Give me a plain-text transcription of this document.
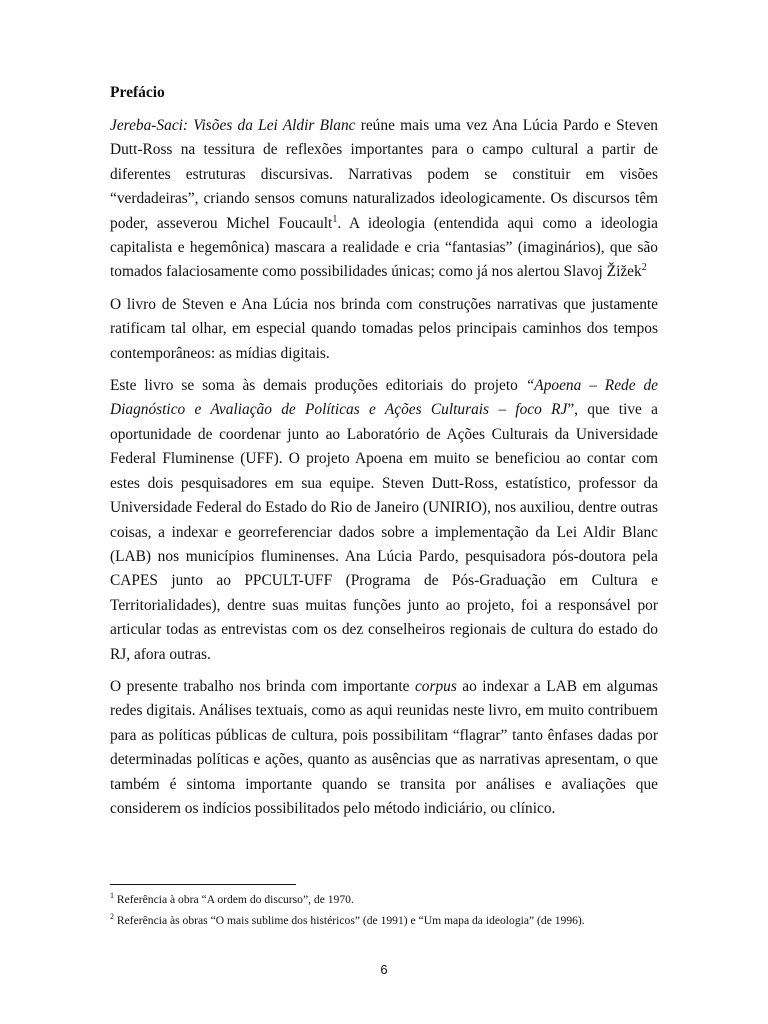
Prefácio

Jereba-Saci: Visões da Lei Aldir Blanc reúne mais uma vez Ana Lúcia Pardo e Steven Dutt-Ross na tessitura de reflexões importantes para o campo cultural a partir de diferentes estruturas discursivas. Narrativas podem se constituir em visões “verdadeiras”, criando sensos comuns naturalizados ideologicamente. Os discursos têm poder, asseverou Michel Foucault$^1$. A ideologia (entendida aqui como a ideologia capitalista e hegemônica) mascara a realidade e cria “fantasias” (imaginários), que são tomados falaciosamente como possibilidades únicas; como já nos alertou Slavoj Žižek$^2$

O livro de Steven e Ana Lúcia nos brinda com construções narrativas que justamente ratificam tal olhar, em especial quando tomadas pelos principais caminhos dos tempos contemporâneos: as mídias digitais.

Este livro se soma às demais produções editoriais do projeto “Apoena – Rede de Diagnóstico e Avaliação de Políticas e Ações Culturais – foco RJ”, que tive a oportunidade de coordenar junto ao Laboratório de Ações Culturais da Universidade Federal Fluminense (UFF). O projeto Apoena em muito se beneficiou ao contar com estes dois pesquisadores em sua equipe. Steven Dutt-Ross, estatístico, professor da Universidade Federal do Estado do Rio de Janeiro (UNIRIO), nos auxiliou, dentre outras coisas, a indexar e georreferenciar dados sobre a implementação da Lei Aldir Blanc (LAB) nos municípios fluminenses. Ana Lúcia Pardo, pesquisadora pós-doutora pela CAPES junto ao PPCULT-UFF (Programa de Pós-Graduação em Cultura e Territorialidades), dentre suas muitas funções junto ao projeto, foi a responsável por articular todas as entrevistas com os dez conselheiros regionais de cultura do estado do RJ, afora outras.

O presente trabalho nos brinda com importante corpus ao indexar a LAB em algumas redes digitais. Análises textuais, como as aqui reunidas neste livro, em muito contribuem para as políticas públicas de cultura, pois possibilitam “flagrar” tanto ênfases dadas por determinadas políticas e ações, quanto as ausências que as narrativas apresentam, o que também é sintoma importante quando se transita por análises e avaliações que considerem os indícios possibilitados pelo método indiciário, ou clínico.

$^1$ Referência à obra “A ordem do discurso”, de 1970.

$^2$ Referência às obras “O mais sublime dos histéricos” (de 1991) e “Um mapa da ideologia” (de 1996).

6
